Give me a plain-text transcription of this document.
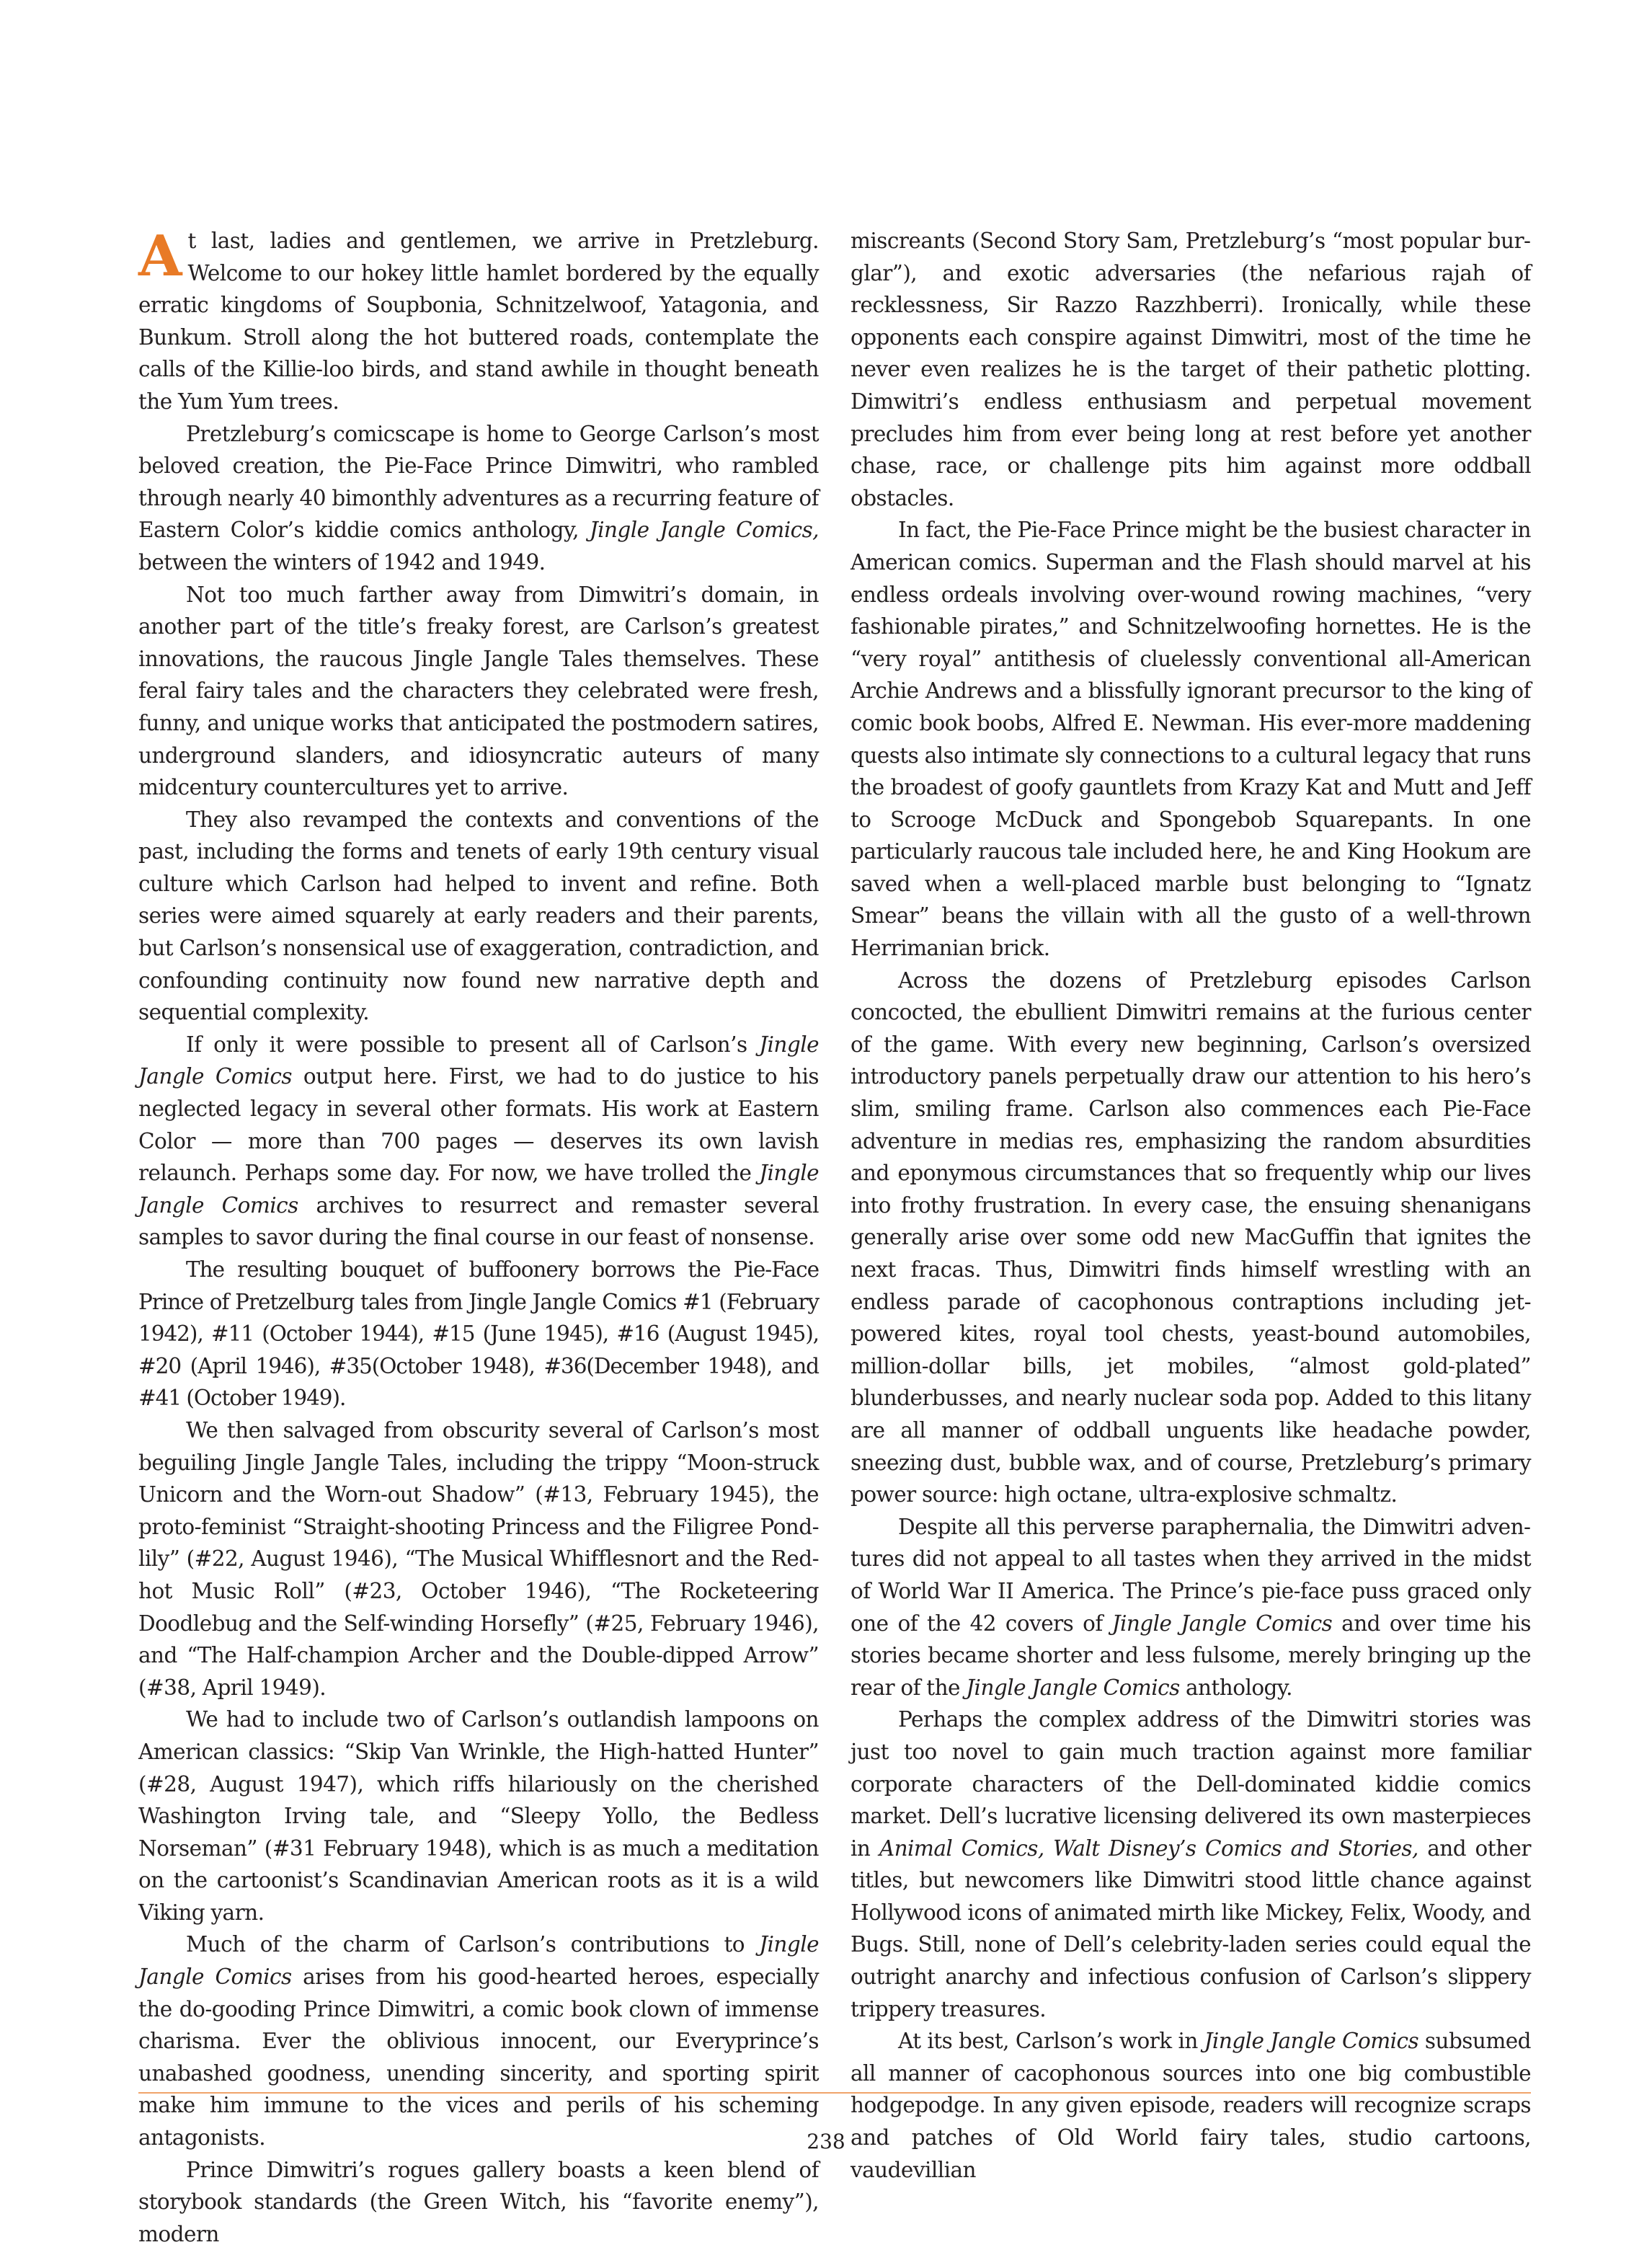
At last, ladies and gentlemen, we arrive in Pretzleburg. Welcome to our hokey little hamlet bordered by the equally erratic kingdoms of Soupbonia, Schnitzelwoof, Yatagonia, and Bunkum. Stroll along the hot buttered roads, contemplate the calls of the Killie-loo birds, and stand awhile in thought beneath the Yum Yum trees.

Pretzleburg’s comicscape is home to George Carlson’s most beloved creation, the Pie-Face Prince Dimwitri, who rambled through nearly 40 bimonthly adventures as a recurring feature of Eastern Color’s kiddie comics anthology, Jingle Jangle Comics, between the winters of 1942 and 1949.

Not too much farther away from Dimwitri’s domain, in another part of the title’s freaky forest, are Carlson’s greatest innovations, the raucous Jingle Jangle Tales themselves. These feral fairy tales and the characters they celebrated were fresh, funny, and unique works that anticipated the postmodern satires, underground slanders, and idiosyncratic auteurs of many midcentury countercultures yet to arrive.

They also revamped the contexts and conventions of the past, including the forms and tenets of early 19th century visual culture which Carlson had helped to invent and refine. Both series were aimed squarely at early readers and their parents, but Carlson’s nonsensical use of exaggeration, contradiction, and confounding continuity now found new narrative depth and sequential complexity.

If only it were possible to present all of Carlson’s Jingle Jangle Comics output here. First, we had to do justice to his neglected legacy in several other formats. His work at Eastern Color — more than 700 pages — deserves its own lavish relaunch. Perhaps some day. For now, we have trolled the Jingle Jangle Comics archives to resurrect and remaster several samples to savor during the final course in our feast of nonsense.

The resulting bouquet of buffoonery borrows the Pie-Face Prince of Pretzelburg tales from Jingle Jangle Comics #1 (February 1942), #11 (October 1944), #15 (June 1945), #16 (August 1945), #20 (April 1946), #35(October 1948), #36(December 1948), and #41 (October 1949).

We then salvaged from obscurity several of Carlson’s most beguiling Jingle Jangle Tales, including the trippy “Moon-struck Unicorn and the Worn-out Shadow” (#13, February 1945), the proto-feminist “Straight-shooting Princess and the Filigree Pond-lily” (#22, August 1946), “The Musical Whifflesnort and the Red-hot Music Roll” (#23, October 1946), “The Rocketeering Doodlebug and the Self-winding Horsefly” (#25, February 1946), and “The Half-champion Archer and the Double-dipped Arrow” (#38, April 1949).

We had to include two of Carlson’s outlandish lampoons on American classics: “Skip Van Wrinkle, the High-hatted Hunter” (#28, August 1947), which riffs hilariously on the cherished Washington Irving tale, and “Sleepy Yollo, the Bedless Norseman” (#31 February 1948), which is as much a meditation on the cartoonist’s Scandinavian American roots as it is a wild Viking yarn.

Much of the charm of Carlson’s contributions to Jingle Jangle Comics arises from his good-hearted heroes, especially the do-gooding Prince Dimwitri, a comic book clown of immense charisma. Ever the oblivious innocent, our Everyprince’s unabashed goodness, unending sincerity, and sporting spirit make him immune to the vices and perils of his scheming antagonists.

Prince Dimwitri’s rogues gallery boasts a keen blend of storybook standards (the Green Witch, his “favorite enemy”), modern

miscreants (Second Story Sam, Pretzleburg’s “most popular burglar”), and exotic adversaries (the nefarious rajah of recklessness, Sir Razzo Razzhberri). Ironically, while these opponents each conspire against Dimwitri, most of the time he never even realizes he is the target of their pathetic plotting. Dimwitri’s endless enthusiasm and perpetual movement precludes him from ever being long at rest before yet another chase, race, or challenge pits him against more oddball obstacles.

In fact, the Pie-Face Prince might be the busiest character in American comics. Superman and the Flash should marvel at his endless ordeals involving over-wound rowing machines, “very fashionable pirates,” and Schnitzelwoofing hornettes. He is the “very royal” antithesis of cluelessly conventional all-American Archie Andrews and a blissfully ignorant precursor to the king of comic book boobs, Alfred E. Newman. His ever-more maddening quests also intimate sly connections to a cultural legacy that runs the broadest of goofy gauntlets from Krazy Kat and Mutt and Jeff to Scrooge McDuck and Spongebob Squarepants. In one particularly raucous tale included here, he and King Hookum are saved when a well-placed marble bust belonging to “Ignatz Smear” beans the villain with all the gusto of a well-thrown Herrimanian brick.

Across the dozens of Pretzleburg episodes Carlson concocted, the ebullient Dimwitri remains at the furious center of the game. With every new beginning, Carlson’s oversized introductory panels perpetually draw our attention to his hero’s slim, smiling frame. Carlson also commences each Pie-Face adventure in medias res, emphasizing the random absurdities and eponymous circumstances that so frequently whip our lives into frothy frustration. In every case, the ensuing shenanigans generally arise over some odd new MacGuffin that ignites the next fracas. Thus, Dimwitri finds himself wrestling with an endless parade of cacophonous contraptions including jet-powered kites, royal tool chests, yeast-bound automobiles, million-dollar bills, jet mobiles, “almost gold-plated” blunderbusses, and nearly nuclear soda pop. Added to this litany are all manner of oddball unguents like headache powder, sneezing dust, bubble wax, and of course, Pretzleburg’s primary power source: high octane, ultra-explosive schmaltz.

Despite all this perverse paraphernalia, the Dimwitri adventures did not appeal to all tastes when they arrived in the midst of World War II America. The Prince’s pie-face puss graced only one of the 42 covers of Jingle Jangle Comics and over time his stories became shorter and less fulsome, merely bringing up the rear of the Jingle Jangle Comics anthology.

Perhaps the complex address of the Dimwitri stories was just too novel to gain much traction against more familiar corporate characters of the Dell-dominated kiddie comics market. Dell’s lucrative licensing delivered its own masterpieces in Animal Comics, Walt Disney’s Comics and Stories, and other titles, but newcomers like Dimwitri stood little chance against Hollywood icons of animated mirth like Mickey, Felix, Woody, and Bugs. Still, none of Dell’s celebrity-laden series could equal the outright anarchy and infectious confusion of Carlson’s slippery trippery treasures.

At its best, Carlson’s work in Jingle Jangle Comics subsumed all manner of cacophonous sources into one big combustible hodgepodge. In any given episode, readers will recognize scraps and patches of Old World fairy tales, studio cartoons, vaudevillian

238
